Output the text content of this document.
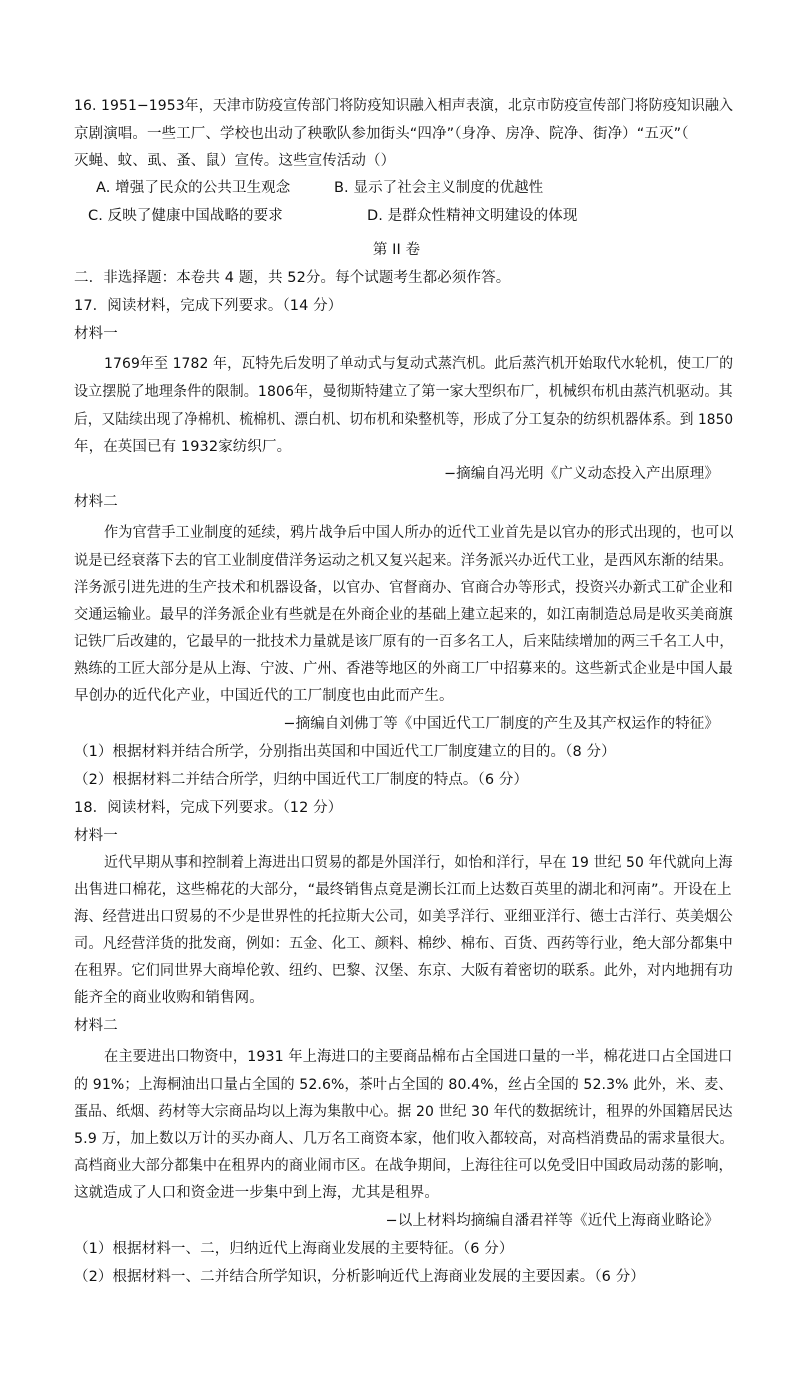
16. 1951−1953年，天津市防疫宣传部门将防疫知识融入相声表演，北京市防疫宣传部门将防疫知识融入
京剧演唱。一些工厂、学校也出动了秧歌队参加街头“四净”（身净、房净、院净、街净）“五灭”（
灭蝇、蚊、虱、蚤、鼠）宣传。这些宣传活动（）
A. 增强了民众的公共卫生观念	B. 显示了社会主义制度的优越性
C. 反映了健康中国战略的要求	D. 是群众性精神文明建设的体现
第 II 卷
二．非选择题：本卷共 4 题，共 52分。每个试题考生都必须作答。
17．阅读材料，完成下列要求。（14 分）
材料一
1769年至 1782 年，瓦特先后发明了单动式与复动式蒸汽机。此后蒸汽机开始取代水轮机，使工厂的
设立摆脱了地理条件的限制。1806年，曼彻斯特建立了第一家大型织布厂，机械织布机由蒸汽机驱动。其
后，又陆续出现了净棉机、梳棉机、漂白机、切布机和染整机等，形成了分工复杂的纺织机器体系。到 1850
年，在英国已有 1932家纺织厂。
−摘编自冯光明《广义动态投入产出原理》
材料二
作为官营手工业制度的延续，鸦片战争后中国人所办的近代工业首先是以官办的形式出现的，也可以
说是已经衰落下去的官工业制度借洋务运动之机又复兴起来。洋务派兴办近代工业，是西风东渐的结果。
洋务派引进先进的生产技术和机器设备，以官办、官督商办、官商合办等形式，投资兴办新式工矿企业和
交通运输业。最早的洋务派企业有些就是在外商企业的基础上建立起来的，如江南制造总局是收买美商旗
记铁厂后改建的，它最早的一批技术力量就是该厂原有的一百多名工人，后来陆续增加的两三千名工人中，
熟练的工匠大部分是从上海、宁波、广州、香港等地区的外商工厂中招募来的。这些新式企业是中国人最
早创办的近代化产业，中国近代的工厂制度也由此而产生。
−摘编自刘佛丁等《中国近代工厂制度的产生及其产权运作的特征》
（1）根据材料并结合所学，分别指出英国和中国近代工厂制度建立的目的。（8 分）
（2）根据材料二并结合所学，归纳中国近代工厂制度的特点。（6 分）
18．阅读材料，完成下列要求。（12 分）
材料一
近代早期从事和控制着上海进出口贸易的都是外国洋行，如怡和洋行，早在 19 世纪 50 年代就向上海
出售进口棉花，这些棉花的大部分，“最终销售点竟是溯长江而上达数百英里的湖北和河南”。开设在上
海、经营进出口贸易的不少是世界性的托拉斯大公司，如美孚洋行、亚细亚洋行、德士古洋行、英美烟公
司。凡经营洋货的批发商，例如：五金、化工、颜料、棉纱、棉布、百货、西药等行业，绝大部分都集中
在租界。它们同世界大商埠伦敦、纽约、巴黎、汉堡、东京、大阪有着密切的联系。此外，对内地拥有功
能齐全的商业收购和销售网。
材料二
在主要进出口物资中，1931 年上海进口的主要商品棉布占全国进口量的一半，棉花进口占全国进口
的 91%；上海桐油出口量占全国的 52.6%，茶叶占全国的 80.4%，丝占全国的 52.3% 此外，米、麦、
蛋品、纸烟、药材等大宗商品均以上海为集散中心。据 20 世纪 30 年代的数据统计，租界的外国籍居民达
5.9 万，加上数以万计的买办商人、几万名工商资本家，他们收入都较高，对高档消费品的需求量很大。
高档商业大部分都集中在租界内的商业闹市区。在战争期间，上海往往可以免受旧中国政局动荡的影响，
这就造成了人口和资金进一步集中到上海，尤其是租界。
−以上材料均摘编自潘君祥等《近代上海商业略论》
（1）根据材料一、二，归纳近代上海商业发展的主要特征。（6 分）
（2）根据材料一、二并结合所学知识，分析影响近代上海商业发展的主要因素。（6 分）
